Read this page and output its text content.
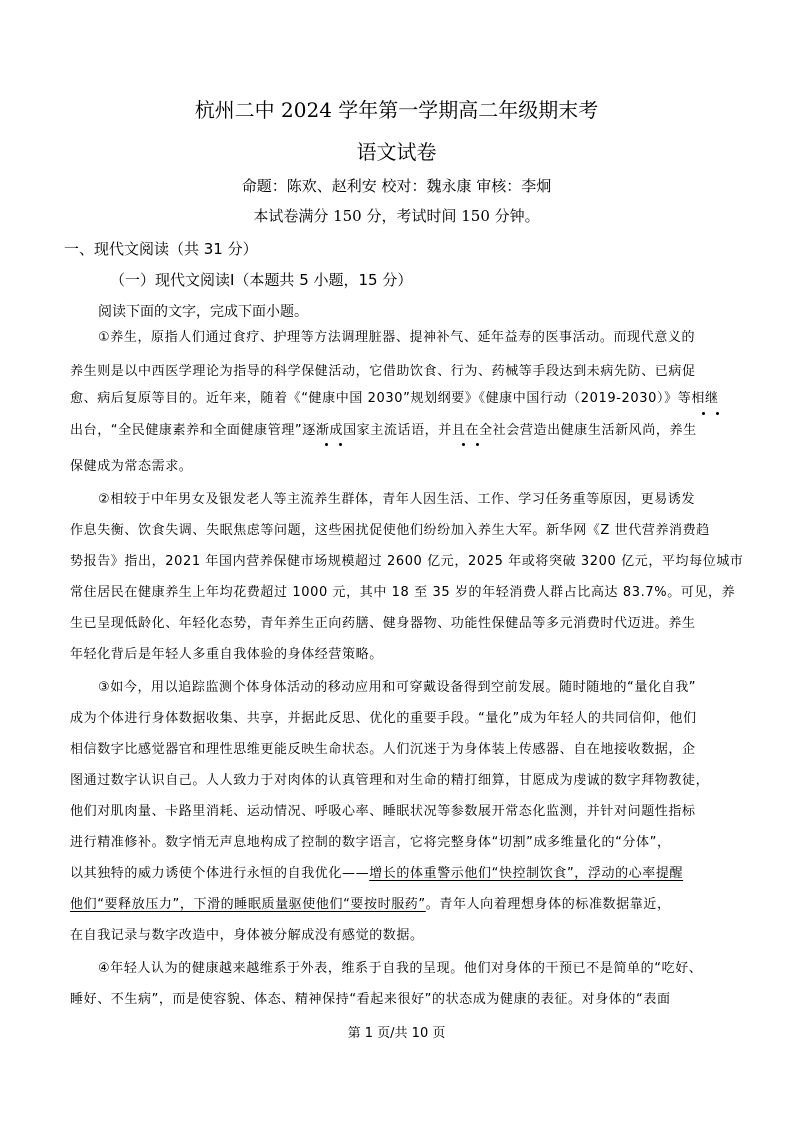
杭州二中 2024 学年第一学期高二年级期末考
语文试卷
命题：陈欢、赵利安 校对：魏永康 审核：李炯
本试卷满分 150 分，考试时间 150 分钟。
一、现代文阅读（共 31 分）
（一）现代文阅读Ⅰ（本题共 5 小题，15 分）
阅读下面的文字，完成下面小题。
①养生，原指人们通过食疗、护理等方法调理脏器、提神补气、延年益寿的医事活动。而现代意义的
养生则是以中西医学理论为指导的科学保健活动，它借助饮食、行为、药械等手段达到未病先防、已病促
愈、病后复原等目的。近年来，随着《“健康中国 2030”规划纲要》《健康中国行动（2019-2030）》等相继
出台，“全民健康素养和全面健康管理”逐渐成国家主流话语，并且在全社会营造出健康生活新风尚，养生
保健成为常态需求。
②相较于中年男女及银发老人等主流养生群体，青年人因生活、工作、学习任务重等原因，更易诱发
作息失衡、饮食失调、失眠焦虑等问题，这些困扰促使他们纷纷加入养生大军。新华网《Z 世代营养消费趋
势报告》指出，2021 年国内营养保健市场规模超过 2600 亿元，2025 年或将突破 3200 亿元，平均每位城市
常住居民在健康养生上年均花费超过 1000 元，其中 18 至 35 岁的年轻消费人群占比高达 83.7%。可见，养
生已呈现低龄化、年轻化态势，青年养生正向药膳、健身器物、功能性保健品等多元消费时代迈进。养生
年轻化背后是年轻人多重自我体验的身体经营策略。
③如今，用以追踪监测个体身体活动的移动应用和可穿戴设备得到空前发展。随时随地的“量化自我”
成为个体进行身体数据收集、共享，并据此反思、优化的重要手段。“量化”成为年轻人的共同信仰，他们
相信数字比感觉器官和理性思维更能反映生命状态。人们沉迷于为身体装上传感器、自在地接收数据，企
图通过数字认识自己。人人致力于对肉体的认真管理和对生命的精打细算，甘愿成为虔诚的数字拜物教徒，
他们对肌肉量、卡路里消耗、运动情况、呼吸心率、睡眠状况等参数展开常态化监测，并针对问题性指标
进行精准修补。数字悄无声息地构成了控制的数字语言，它将完整身体“切割”成多维量化的“分体”，
以其独特的威力诱使个体进行永恒的自我优化——增长的体重警示他们“快控制饮食”，浮动的心率提醒
他们“要释放压力”，下滑的睡眠质量驱使他们“要按时服药”。青年人向着理想身体的标准数据靠近，
在自我记录与数字改造中，身体被分解成没有感觉的数据。
④年轻人认为的健康越来越维系于外表，维系于自我的呈现。他们对身体的干预已不是简单的“吃好、
睡好、不生病”，而是使容貌、体态、精神保持“看起来很好”的状态成为健康的表征。对身体的“表面
第 1 页/共 10 页
